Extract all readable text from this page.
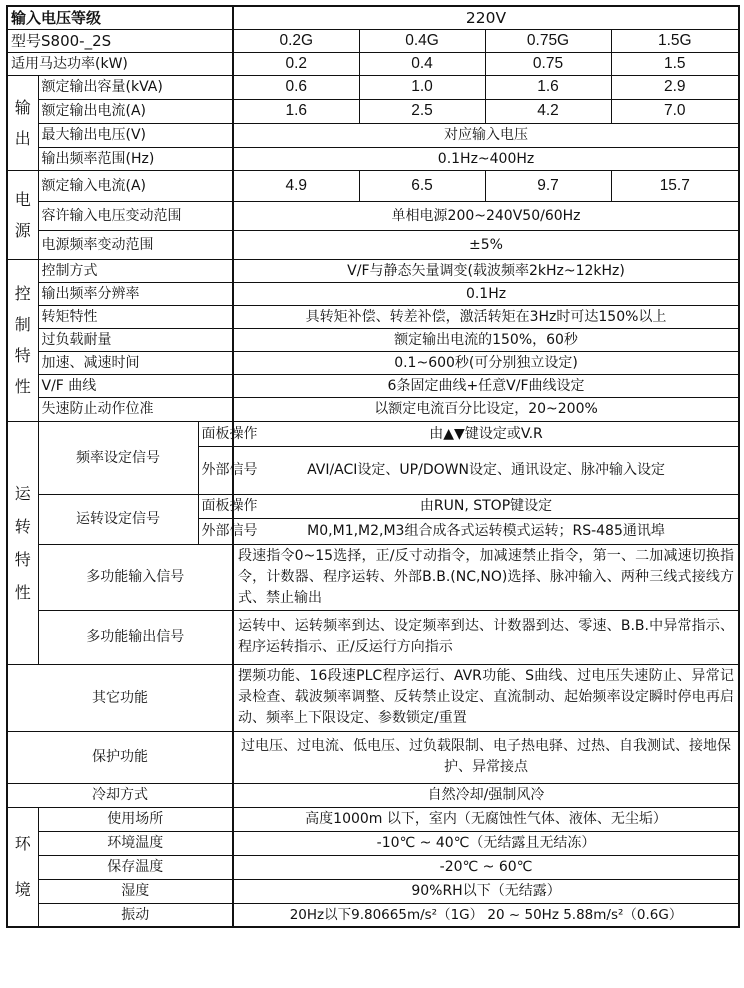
输入电压等级			220V			
型号S800-_2S			0.2G	0.4G	0.75G	1.5G
适用马达功率(kW)			0.2	0.4	0.75	1.5
输出	额定输出容量(kVA)		0.6	1.0	1.6	2.9
	额定输出电流(A)		1.6	2.5	4.2	7.0
	最大输出电压(V)		对应输入电压			
	输出频率范围(Hz)		0.1Hz~400Hz			
电源	额定输入电流(A)		4.9	6.5	9.7	15.7
	容许输入电压变动范围		单相电源200~240V50/60Hz			
	电源频率变动范围		±5%			
控制特性	控制方式		V/F与静态矢量调变(载波频率2kHz~12kHz)			
	输出频率分辨率		0.1Hz			
	转矩特性		具转矩补偿、转差补偿，激活转矩在3Hz时可达150%以上			
	过负载耐量		额定输出电流的150%，60秒			
	加速、减速时间		0.1~600秒(可分别独立设定)			
	V/F 曲线		6条固定曲线+任意V/F曲线设定			
	失速防止动作位准		以额定电流百分比设定，20~200%			
运转特性	频率设定信号	面板操作	由▲▼键设定或V.R			
		外部信号	AVI/ACI设定、UP/DOWN设定、通讯设定、脉冲输入设定			
	运转设定信号	面板操作	由RUN, STOP键设定			
		外部信号	M0,M1,M2,M3组合成各式运转模式运转；RS-485通讯埠			
	多功能输入信号		段速指令0~15选择，正/反寸动指令，加减速禁止指令，第一、二加减速切换指令，计数器、程序运转、外部B.B.(NC,NO)选择、脉冲输入、两种三线式接线方式、禁止输出			
	多功能输出信号		运转中、运转频率到达、设定频率到达、计数器到达、零速、B.B.中异常指示、程序运转指示、正/反运行方向指示			
其它功能			摆频功能、16段速PLC程序运行、AVR功能、S曲线、过电压失速防止、异常记录检查、载波频率调整、反转禁止设定、直流制动、起始频率设定瞬时停电再启动、频率上下限设定、参数锁定/重置			
保护功能			过电压、过电流、低电压、过负载限制、电子热电驿、过热、自我测试、接地保护、异常接点			
冷却方式			自然冷却/强制风冷			
环境	使用场所		高度1000m 以下，室内（无腐蚀性气体、液体、无尘垢）			
	环境温度		-10℃ ~ 40℃（无结露且无结冻）			
	保存温度		-20℃ ~ 60℃			
	湿度		90%RH以下（无结露）			
	振动		20Hz以下9.80665m/s²（1G） 20 ~ 50Hz 5.88m/s²（0.6G）			
